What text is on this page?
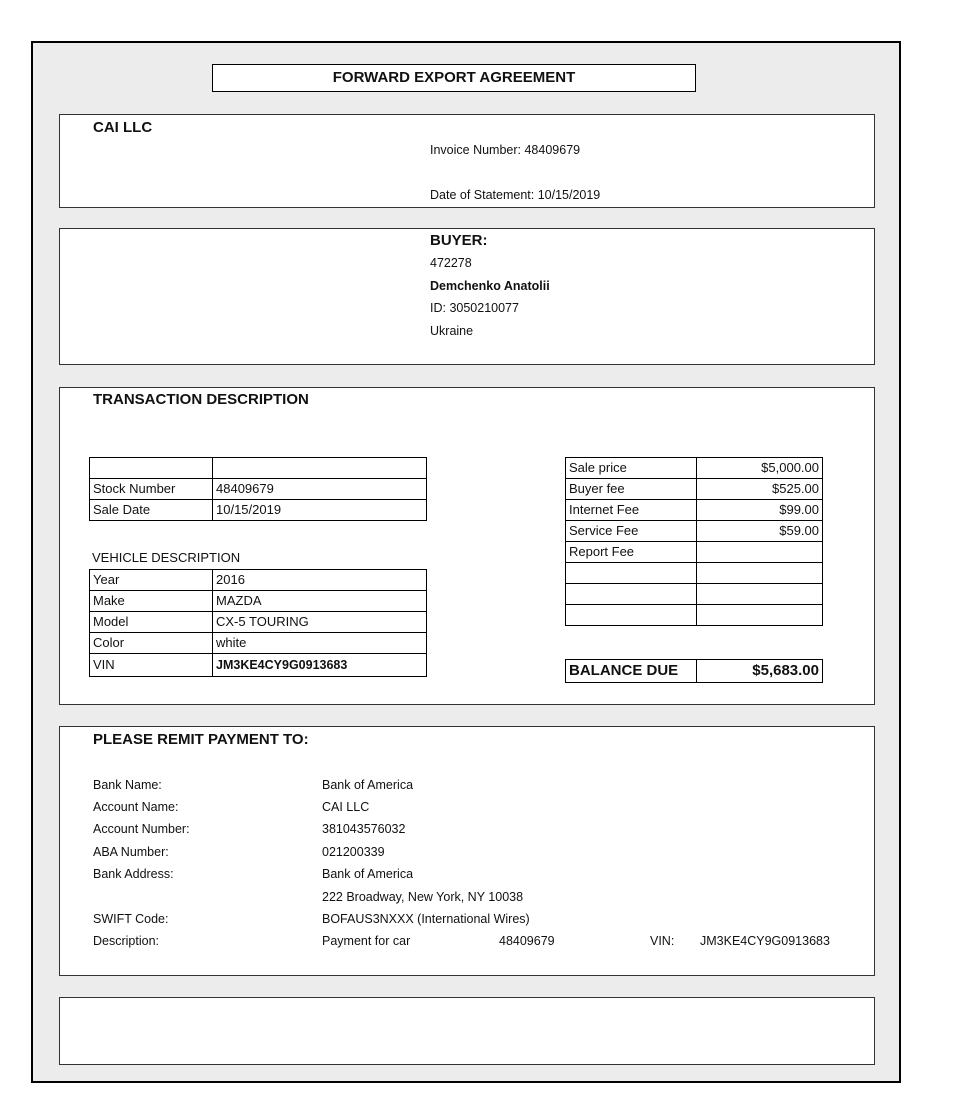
FORWARD EXPORT AGREEMENT
CAI LLC
Invoice Number: 48409679
Date of Statement: 10/15/2019
BUYER:
472278
Demchenko Anatolii
ID: 3050210077
Ukraine
TRANSACTION DESCRIPTION

Stock Number	48409679
Sale Date	10/15/2019
VEHICLE DESCRIPTION
Year	2016
Make	MAZDA
Model	CX-5 TOURING
Color	white
VIN	JM3KE4CY9G0913683
Sale price	$5,000.00
Buyer fee	$525.00
Internet Fee	$99.00
Service Fee	$59.00
Report Fee	

BALANCE DUE	$5,683.00
PLEASE REMIT PAYMENT TO:
Bank Name:	Bank of America
Account Name:	CAI LLC
Account Number:	381043576032
ABA Number:	021200339
Bank Address:	Bank of America
222 Broadway, New York, NY 10038
SWIFT Code:	BOFAUS3NXXX (International Wires)
Description:	Payment for car	48409679	VIN: JM3KE4CY9G0913683
